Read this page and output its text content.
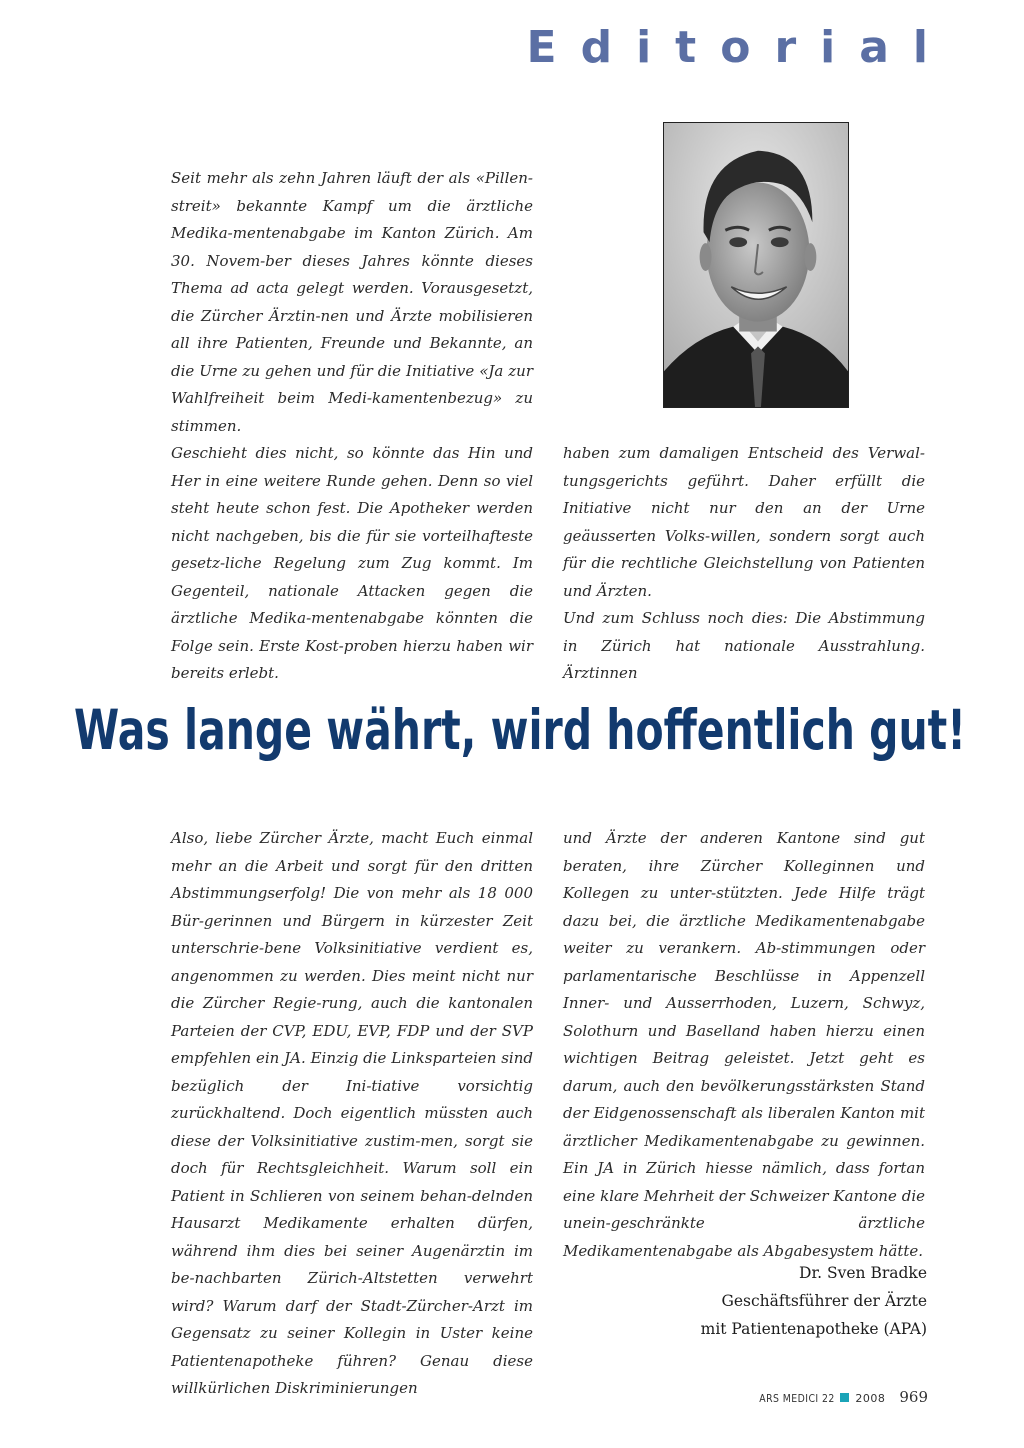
Editorial

Seit mehr als zehn Jahren läuft der als «Pillen-streit» bekannte Kampf um die ärztliche Medika-mentenabgabe im Kanton Zürich. Am 30. Novem-ber dieses Jahres könnte dieses Thema ad acta gelegt werden. Vorausgesetzt, die Zürcher Ärztin-nen und Ärzte mobilisieren all ihre Patienten, Freunde und Bekannte, an die Urne zu gehen und für die Initiative «Ja zur Wahlfreiheit beim Medi-kamentenbezug» zu stimmen.

Geschieht dies nicht, so könnte das Hin und Her in eine weitere Runde gehen. Denn so viel steht heute schon fest. Die Apotheker werden nicht nachgeben, bis die für sie vorteilhafteste gesetz-liche Regelung zum Zug kommt. Im Gegenteil, nationale Attacken gegen die ärztliche Medika-mentenabgabe könnten die Folge sein. Erste Kost-proben hierzu haben wir bereits erlebt.

haben zum damaligen Entscheid des Verwal-tungsgerichts geführt. Daher erfüllt die Initiative nicht nur den an der Urne geäusserten Volks-willen, sondern sorgt auch für die rechtliche Gleichstellung von Patienten und Ärzten.

Und zum Schluss noch dies: Die Abstimmung in Zürich hat nationale Ausstrahlung. Ärztinnen

Was lange währt, wird hoffentlich gut!

Also, liebe Zürcher Ärzte, macht Euch einmal mehr an die Arbeit und sorgt für den dritten Abstimmungserfolg! Die von mehr als 18 000 Bür-gerinnen und Bürgern in kürzester Zeit unterschrie-bene Volksinitiative verdient es, angenommen zu werden. Dies meint nicht nur die Zürcher Regie-rung, auch die kantonalen Parteien der CVP, EDU, EVP, FDP und der SVP empfehlen ein JA. Einzig die Linksparteien sind bezüglich der Ini-tiative vorsichtig zurückhaltend. Doch eigentlich müssten auch diese der Volksinitiative zustim-men, sorgt sie doch für Rechtsgleichheit. Warum soll ein Patient in Schlieren von seinem behan-delnden Hausarzt Medikamente erhalten dürfen, während ihm dies bei seiner Augenärztin im be-nachbarten Zürich-Altstetten verwehrt wird? Warum darf der Stadt-Zürcher-Arzt im Gegensatz zu seiner Kollegin in Uster keine Patientenapotheke führen? Genau diese willkürlichen Diskriminierungen

und Ärzte der anderen Kantone sind gut beraten, ihre Zürcher Kolleginnen und Kollegen zu unter-stützten. Jede Hilfe trägt dazu bei, die ärztliche Medikamentenabgabe weiter zu verankern. Ab-stimmungen oder parlamentarische Beschlüsse in Appenzell Inner- und Ausserrhoden, Luzern, Schwyz, Solothurn und Baselland haben hierzu einen wichtigen Beitrag geleistet. Jetzt geht es darum, auch den bevölkerungsstärksten Stand der Eidgenossenschaft als liberalen Kanton mit ärztlicher Medikamentenabgabe zu gewinnen. Ein JA in Zürich hiesse nämlich, dass fortan eine klare Mehrheit der Schweizer Kantone die unein-geschränkte ärztliche Medikamentenabgabe als Abgabesystem hätte.

Dr. Sven Bradke
Geschäftsführer der Ärzte
mit Patientenapotheke (APA)
ARS MEDICI 22 2008 969
